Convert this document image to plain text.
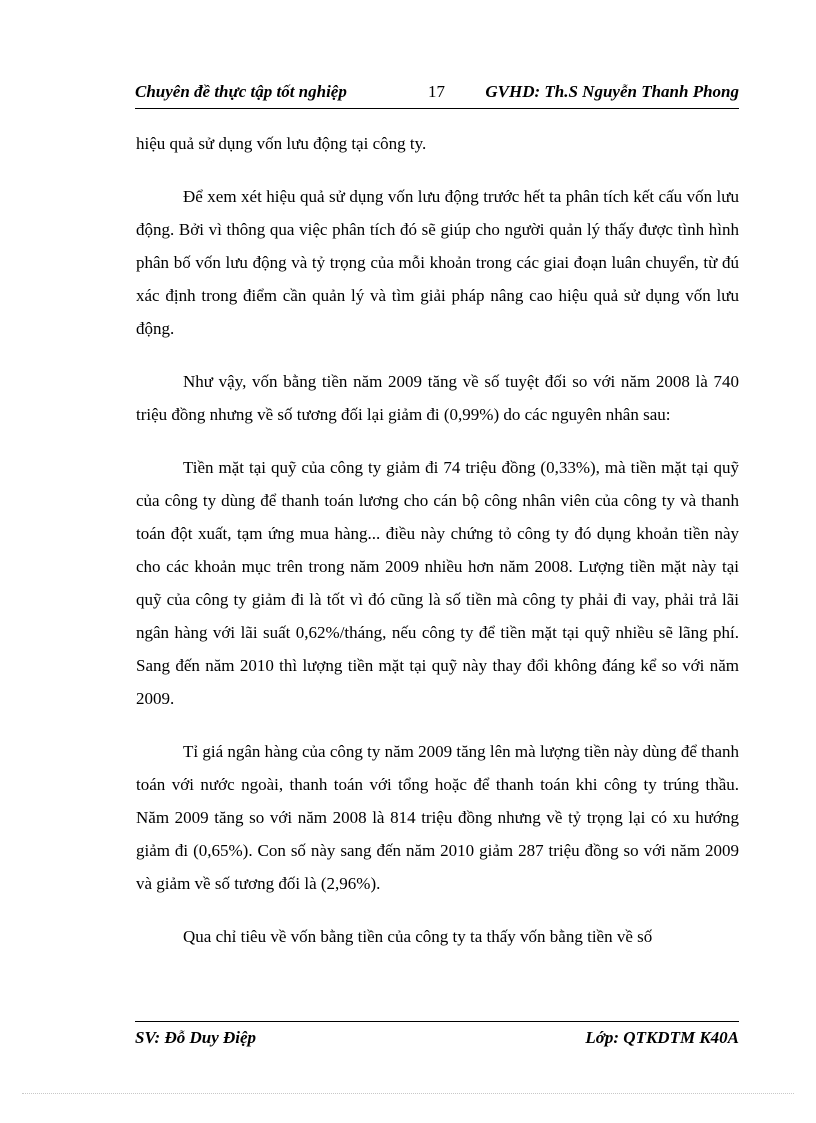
Chuyên đề thực tập tốt nghiệp	17 GVHD: Th.S Nguyễn Thanh Phong

hiệu quả sử dụng vốn lưu động tại công ty.

Để xem xét hiệu quả sử dụng vốn lưu động trước hết ta phân tích kết cấu vốn lưu động. Bởi vì thông qua việc phân tích đó sẽ giúp cho người quản lý thấy được tình hình phân bố vốn lưu động và tỷ trọng của mỗi khoản trong các giai đoạn luân chuyển, từ đú xác định trong điểm cần quản lý và tìm giải pháp nâng cao hiệu quả sử dụng vốn lưu động.

Như vậy, vốn bằng tiền năm 2009 tăng về số tuyệt đối so với năm 2008 là 740 triệu đồng nhưng về số tương đối lại giảm đi (0,99%) do các nguyên nhân sau:

Tiền mặt tại quỹ của công ty giảm đi 74 triệu đồng (0,33%), mà tiền mặt tại quỹ của công ty dùng để thanh toán lương cho cán bộ công nhân viên của công ty và thanh toán đột xuất, tạm ứng mua hàng... điều này chứng tỏ công ty đó dụng khoản tiền này cho các khoản mục trên trong năm 2009 nhiều hơn năm 2008. Lượng tiền mặt này tại quỹ của công ty giảm đi là tốt vì đó cũng là số tiền mà công ty phải đi vay, phải trả lãi ngân hàng với lãi suất 0,62%/tháng, nếu công ty để tiền mặt tại quỹ nhiều sẽ lãng phí. Sang đến năm 2010 thì lượng tiền mặt tại quỹ này thay đổi không đáng kể so với năm 2009.

Tỉ giá ngân hàng của công ty năm 2009 tăng lên mà lượng tiền này dùng để thanh toán với nước ngoài, thanh toán với tổng hoặc để thanh toán khi công ty trúng thầu. Năm 2009 tăng so với năm 2008 là 814 triệu đồng nhưng về tỷ trọng lại có xu hướng giảm đi (0,65%). Con số này sang đến năm 2010 giảm 287 triệu đồng so với năm 2009 và giảm về số tương đối là (2,96%).

Qua chỉ tiêu về vốn bằng tiền của công ty ta thấy vốn bằng tiền về số

SV: Đỗ Duy Điệp	Lớp: QTKDTM K40A
